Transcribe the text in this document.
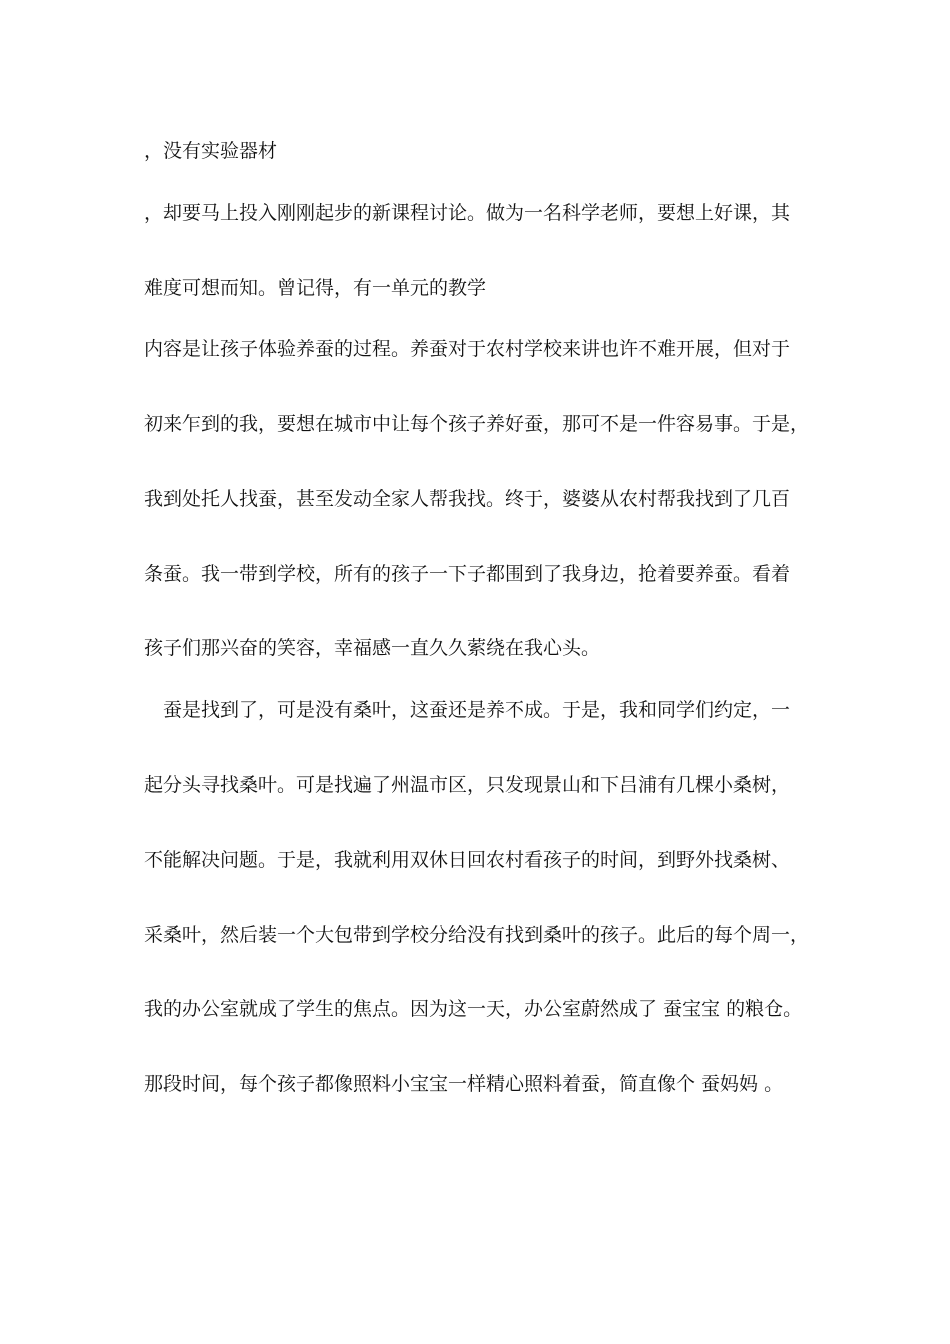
，没有实验器材
，却要马上投入刚刚起步的新课程讨论。做为一名科学老师，要想上好课，其
难度可想而知。曾记得，有一单元的教学
内容是让孩子体验养蚕的过程。养蚕对于农村学校来讲也许不难开展，但对于
初来乍到的我，要想在城市中让每个孩子养好蚕，那可不是一件容易事。于是，
我到处托人找蚕，甚至发动全家人帮我找。终于，婆婆从农村帮我找到了几百
条蚕。我一带到学校，所有的孩子一下子都围到了我身边，抢着要养蚕。看着
孩子们那兴奋的笑容，幸福感一直久久萦绕在我心头。
　蚕是找到了，可是没有桑叶，这蚕还是养不成。于是，我和同学们约定，一
起分头寻找桑叶。可是找遍了州温市区，只发现景山和下吕浦有几棵小桑树，
不能解决问题。于是，我就利用双休日回农村看孩子的时间，到野外找桑树、
采桑叶，然后装一个大包带到学校分给没有找到桑叶的孩子。此后的每个周一，
我的办公室就成了学生的焦点。因为这一天，办公室蔚然成了 蚕宝宝 的粮仓。
那段时间，每个孩子都像照料小宝宝一样精心照料着蚕，简直像个 蚕妈妈 。
